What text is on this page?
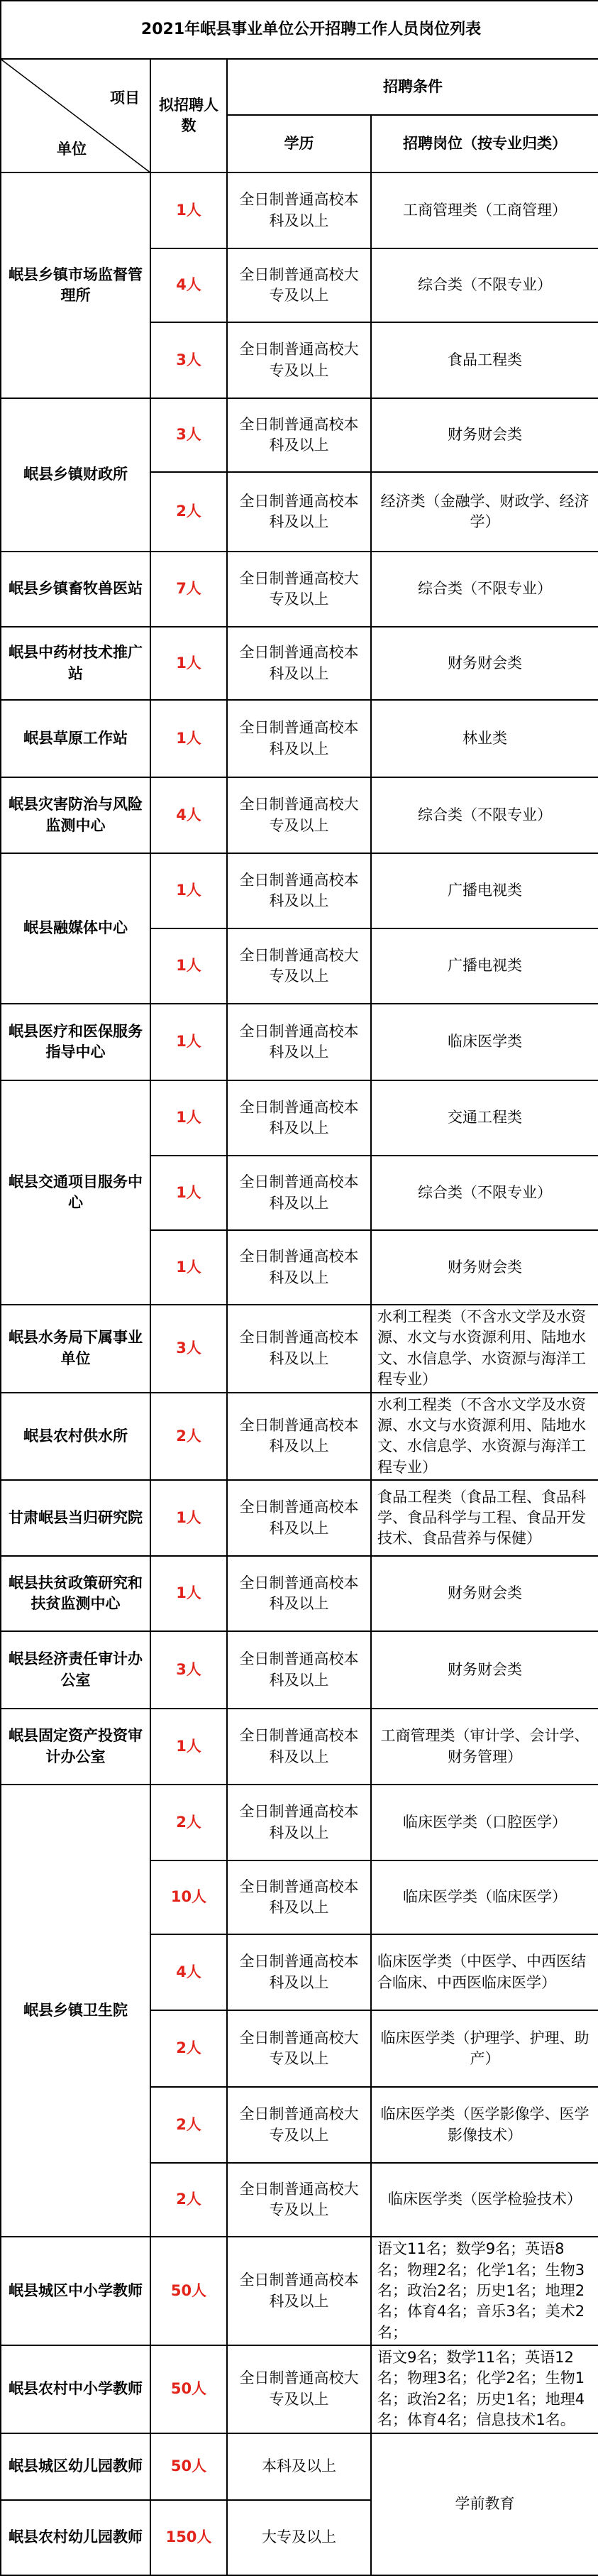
2021年岷县事业单位公开招聘工作人员岗位列表			

项目
单位	拟招聘人数	招聘条件	
		学历	招聘岗位（按专业归类）
岷县乡镇市场监督管理所	1人	全日制普通高校本科及以上	工商管理类（工商管理）
	4人	全日制普通高校大专及以上	综合类（不限专业）
	3人	全日制普通高校大专及以上	食品工程类
岷县乡镇财政所	3人	全日制普通高校本科及以上	财务财会类
	2人	全日制普通高校本科及以上	经济类（金融学、财政学、经济学）
岷县乡镇畜牧兽医站	7人	全日制普通高校大专及以上	综合类（不限专业）
岷县中药材技术推广站	1人	全日制普通高校本科及以上	财务财会类
岷县草原工作站	1人	全日制普通高校本科及以上	林业类
岷县灾害防治与风险监测中心	4人	全日制普通高校大专及以上	综合类（不限专业）
岷县融媒体中心	1人	全日制普通高校本科及以上	广播电视类
	1人	全日制普通高校大专及以上	广播电视类
岷县医疗和医保服务指导中心	1人	全日制普通高校本科及以上	临床医学类
岷县交通项目服务中心	1人	全日制普通高校本科及以上	交通工程类
	1人	全日制普通高校本科及以上	综合类（不限专业）
	1人	全日制普通高校本科及以上	财务财会类
岷县水务局下属事业单位	3人	全日制普通高校本科及以上	水利工程类（不含水文学及水资源、水文与水资源利用、陆地水文、水信息学、水资源与海洋工程专业）
岷县农村供水所	2人	全日制普通高校本科及以上	水利工程类（不含水文学及水资源、水文与水资源利用、陆地水文、水信息学、水资源与海洋工程专业）
甘肃岷县当归研究院	1人	全日制普通高校本科及以上	食品工程类（食品工程、食品科学、食品科学与工程、食品开发技术、食品营养与保健）
岷县扶贫政策研究和扶贫监测中心	1人	全日制普通高校本科及以上	财务财会类
岷县经济责任审计办公室	3人	全日制普通高校本科及以上	财务财会类
岷县固定资产投资审计办公室	1人	全日制普通高校本科及以上	工商管理类（审计学、会计学、财务管理）
岷县乡镇卫生院	2人	全日制普通高校本科及以上	临床医学类（口腔医学）
	10人	全日制普通高校本科及以上	临床医学类（临床医学）
	4人	全日制普通高校本科及以上	临床医学类（中医学、中西医结合临床、中西医临床医学）
	2人	全日制普通高校大专及以上	临床医学类（护理学、护理、助产）
	2人	全日制普通高校大专及以上	临床医学类（医学影像学、医学影像技术）
	2人	全日制普通高校大专及以上	临床医学类（医学检验技术）
岷县城区中小学教师	50人	全日制普通高校本科及以上	语文11名；数学9名；英语8名；物理2名；化学1名；生物3名；政治2名；历史1名；地理2名；体育4名；音乐3名；美术2名；
岷县农村中小学教师	50人	全日制普通高校大专及以上	语文9名；数学11名；英语12名；物理3名；化学2名；生物1名；政治2名；历史1名；地理4名；体育4名；信息技术1名。
岷县城区幼儿园教师	50人	本科及以上	学前教育
岷县农村幼儿园教师	150人	大专及以上	
